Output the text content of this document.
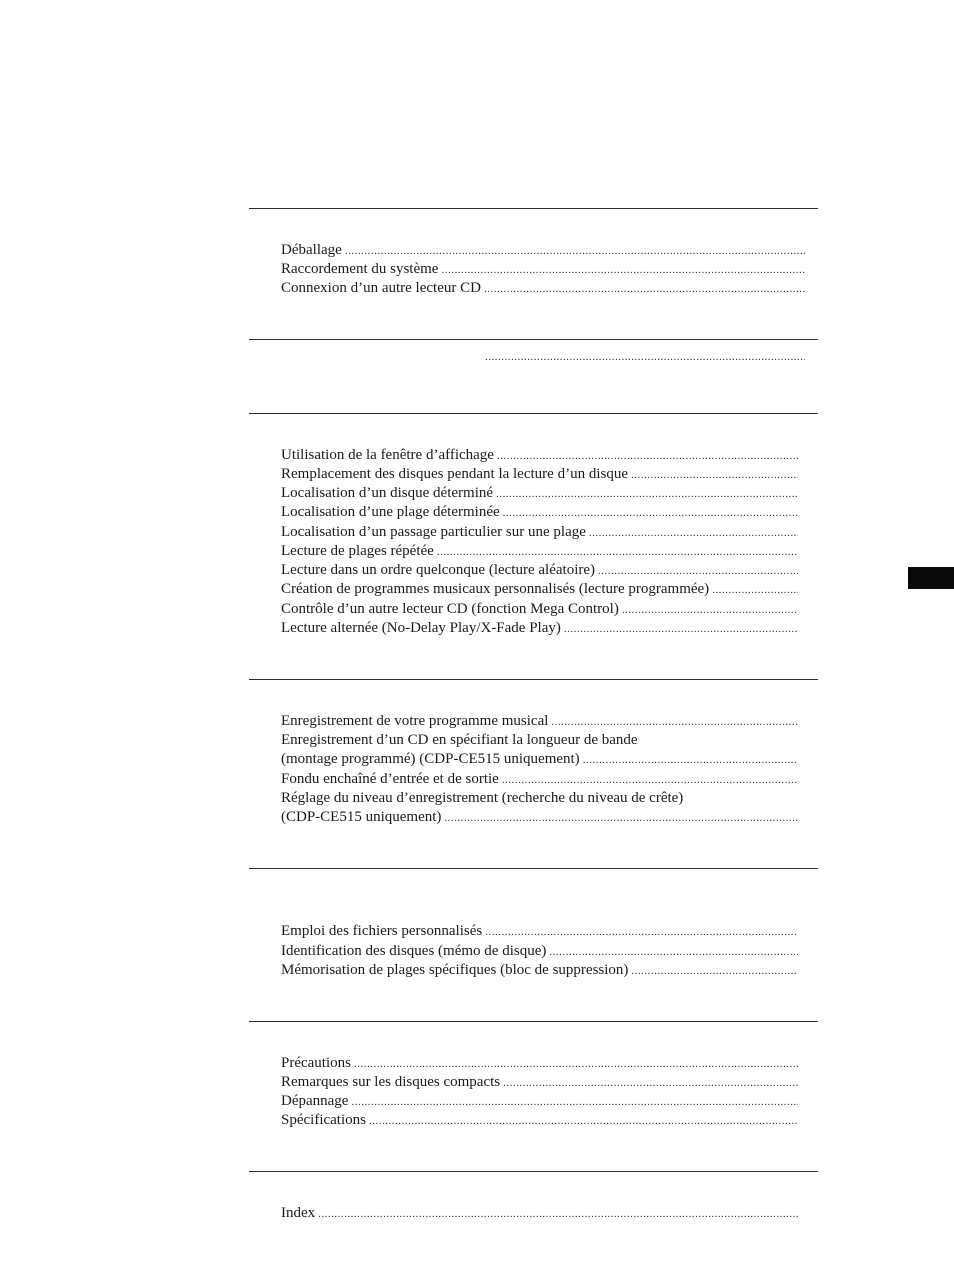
Déballage
.....
Raccordement du système
.....
Connexion d’un autre lecteur CD
.....
.....
Utilisation de la fenêtre d’affichage
.....
Remplacement des disques pendant la lecture d’un disque
.....
Localisation d’un disque déterminé
.....
Localisation d’une plage déterminée
.....
Localisation d’un passage particulier sur une plage
.....
Lecture de plages répétée
.....
Lecture dans un ordre quelconque (lecture aléatoire)
.....
Création de programmes musicaux personnalisés (lecture programmée)
.....
Contrôle d’un autre lecteur CD (fonction Mega Control)
.....
Lecture alternée (No-Delay Play/X-Fade Play)
.....
Enregistrement de votre programme musical
.....
Enregistrement d’un CD en spécifiant la longueur de bande
(montage programmé) (CDP-CE515 uniquement)
.....
Fondu enchaîné d’entrée et de sortie
.....
Réglage du niveau d’enregistrement (recherche du niveau de crête)
(CDP-CE515 uniquement)
.....
Emploi des fichiers personnalisés
.....
Identification des disques (mémo de disque)
.....
Mémorisation de plages spécifiques (bloc de suppression)
.....
Précautions
.....
Remarques sur les disques compacts
.....
Dépannage
.....
Spécifications
.....
Index
.....
